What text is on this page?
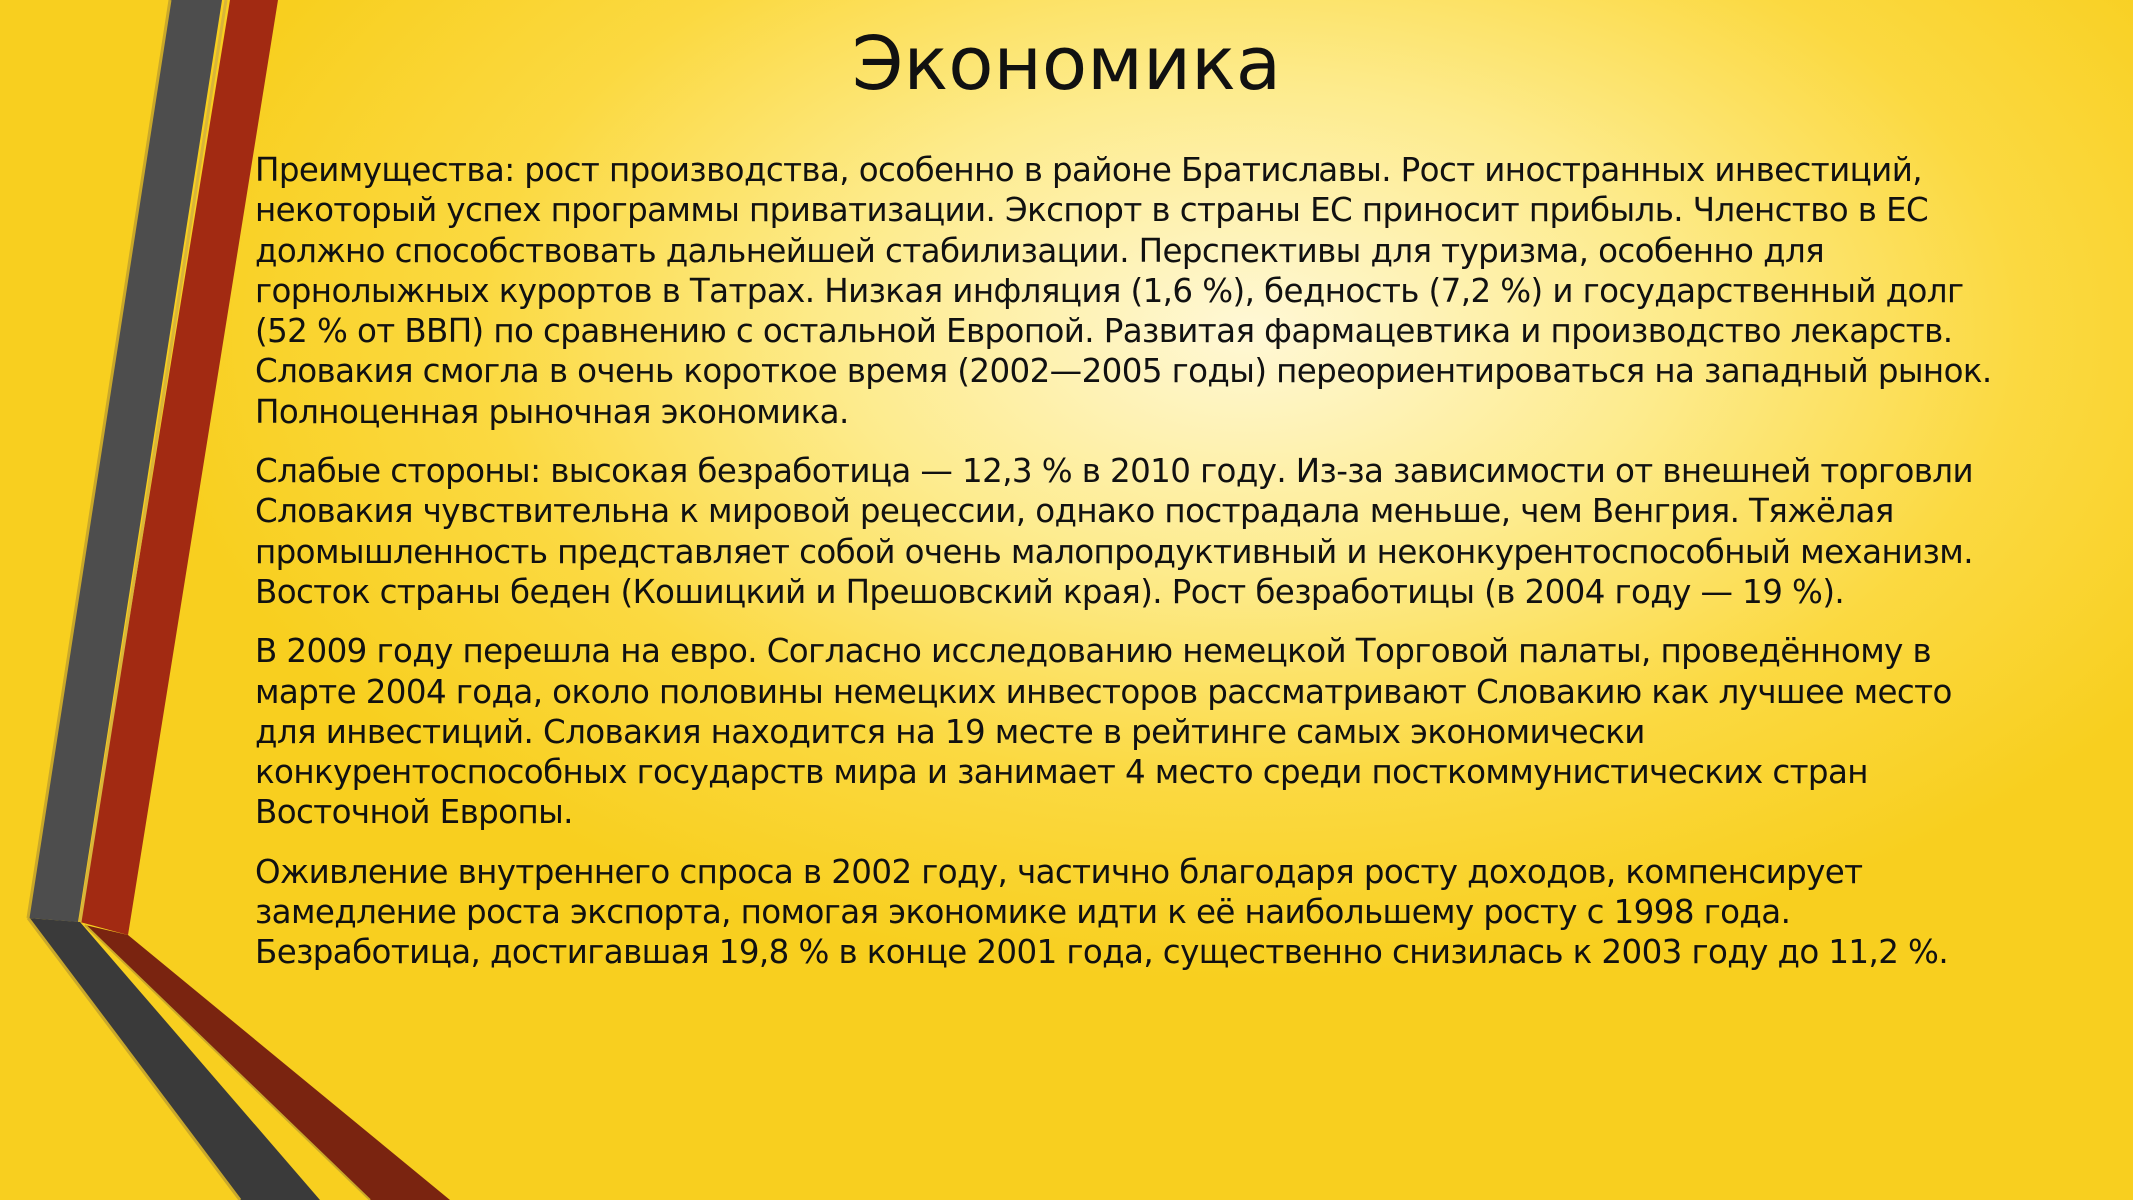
Экономика

Преимущества: рост производства, особенно в районе Братиславы. Рост иностранных инвестиций, некоторый успех программы приватизации. Экспорт в страны ЕС приносит прибыль. Членство в ЕС должно способствовать дальнейшей стабилизации. Перспективы для туризма, особенно для горнолыжных курортов в Татрах. Низкая инфляция (1,6 %), бедность (7,2 %) и государственный долг (52 % от ВВП) по сравнению с остальной Европой. Развитая фармацевтика и производство лекарств. Словакия смогла в очень короткое время (2002—2005 годы) переориентироваться на западный рынок. Полноценная рыночная экономика.

Слабые стороны: высокая безработица — 12,3 % в 2010 году. Из-за зависимости от внешней торговли Словакия чувствительна к мировой рецессии, однако пострадала меньше, чем Венгрия. Тяжёлая промышленность представляет собой очень малопродуктивный и неконкурентоспособный механизм. Восток страны беден (Кошицкий и Прешовский края). Рост безработицы (в 2004 году — 19 %).

В 2009 году перешла на евро. Согласно исследованию немецкой Торговой палаты, проведённому в марте 2004 года, около половины немецких инвесторов рассматривают Словакию как лучшее место для инвестиций. Словакия находится на 19 месте в рейтинге самых экономически конкурентоспособных государств мира и занимает 4 место среди посткоммунистических стран Восточной Европы.

Оживление внутреннего спроса в 2002 году, частично благодаря росту доходов, компенсирует замедление роста экспорта, помогая экономике идти к её наибольшему росту с 1998 года. Безработица, достигавшая 19,8 % в конце 2001 года, существенно снизилась к 2003 году до 11,2 %.
